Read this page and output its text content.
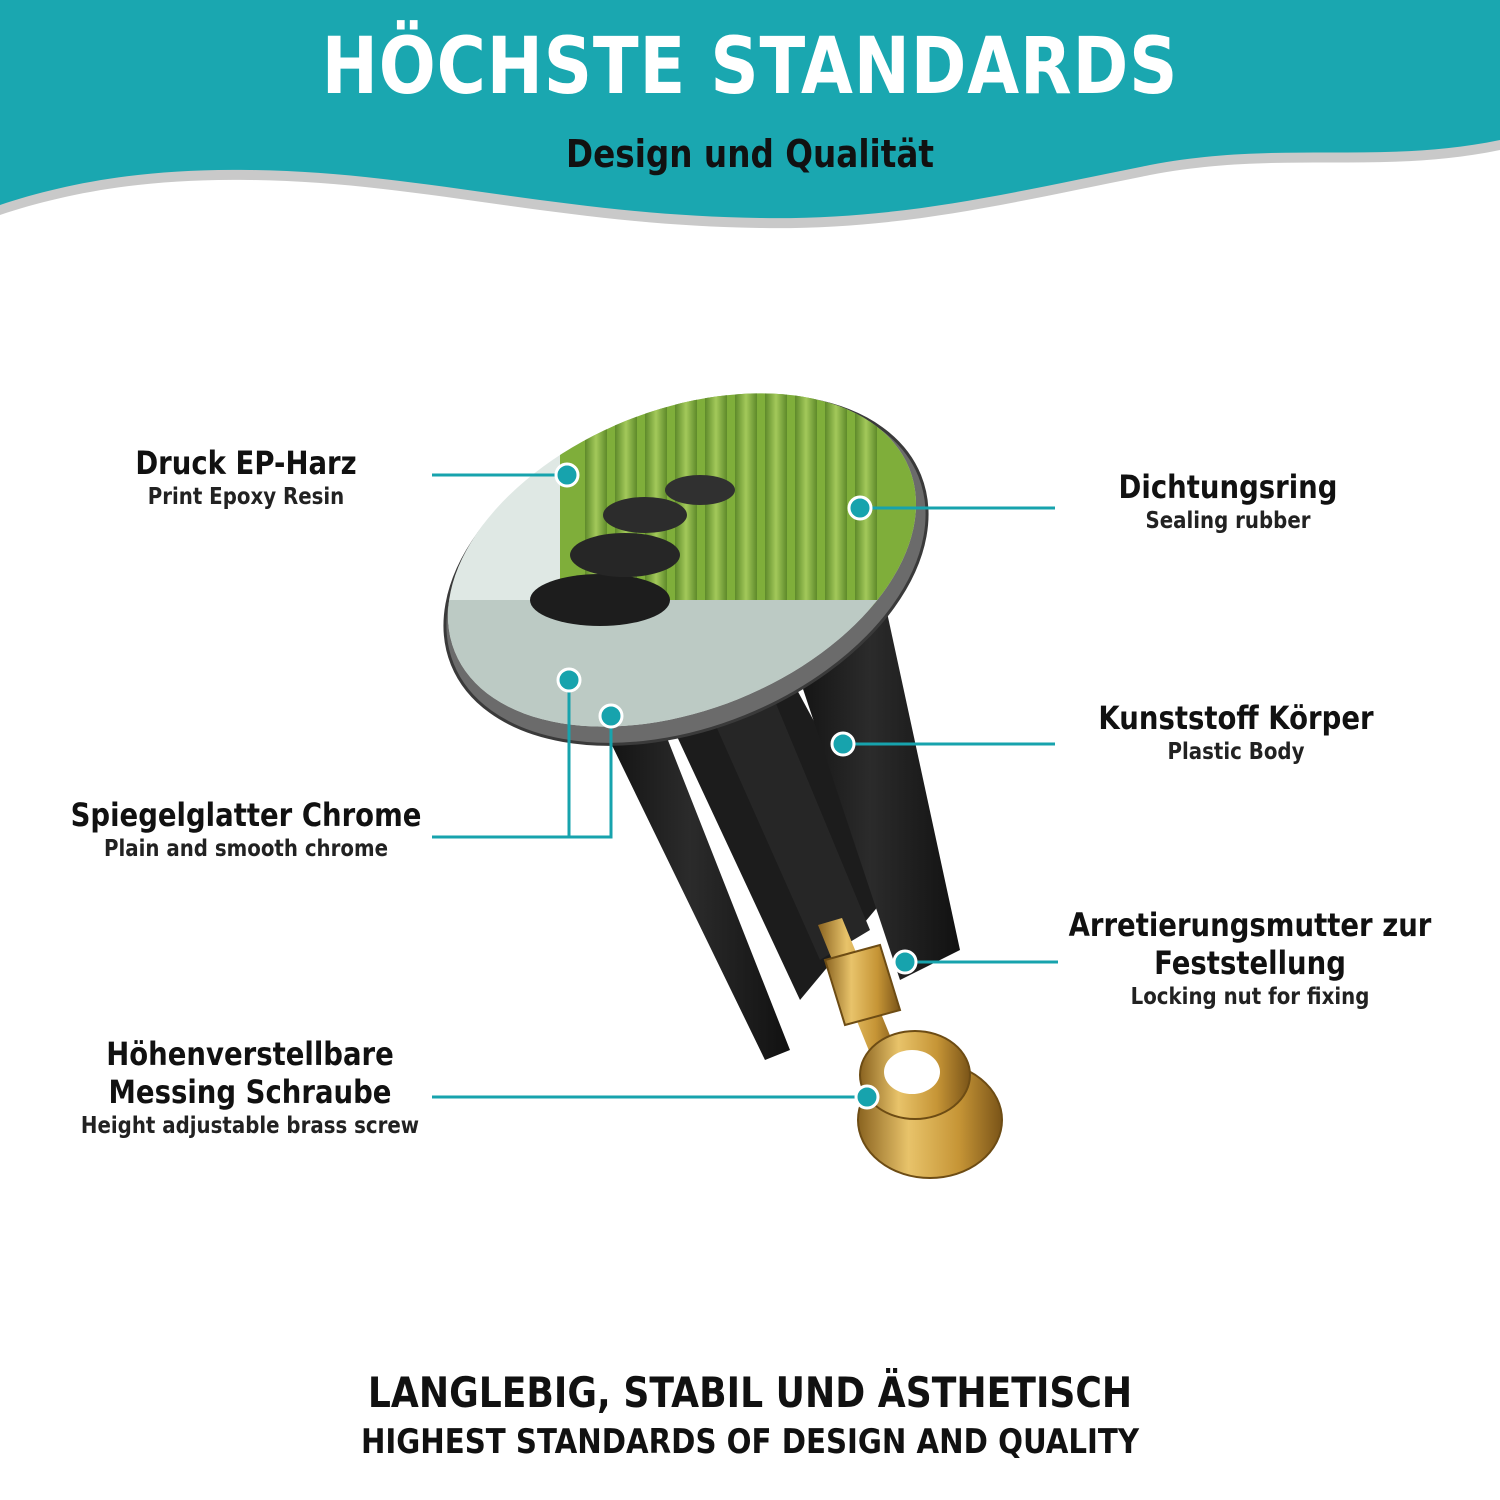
HÖCHSTE STANDARDS
Design und Qualität
Druck EP-Harz
Print Epoxy Resin	Dichtungsring
Sealing rubber
Kunststoff Körper
Plastic Body
Spiegelglatter Chrome
Plain and smooth chrome
Arretierungsmutter zur
Feststellung
Locking nut for fixing
Höhenverstellbare
Messing Schraube
Height adjustable brass screw
LANGLEBIG, STABIL UND ÄSTHETISCH
HIGHEST STANDARDS OF DESIGN AND QUALITY
